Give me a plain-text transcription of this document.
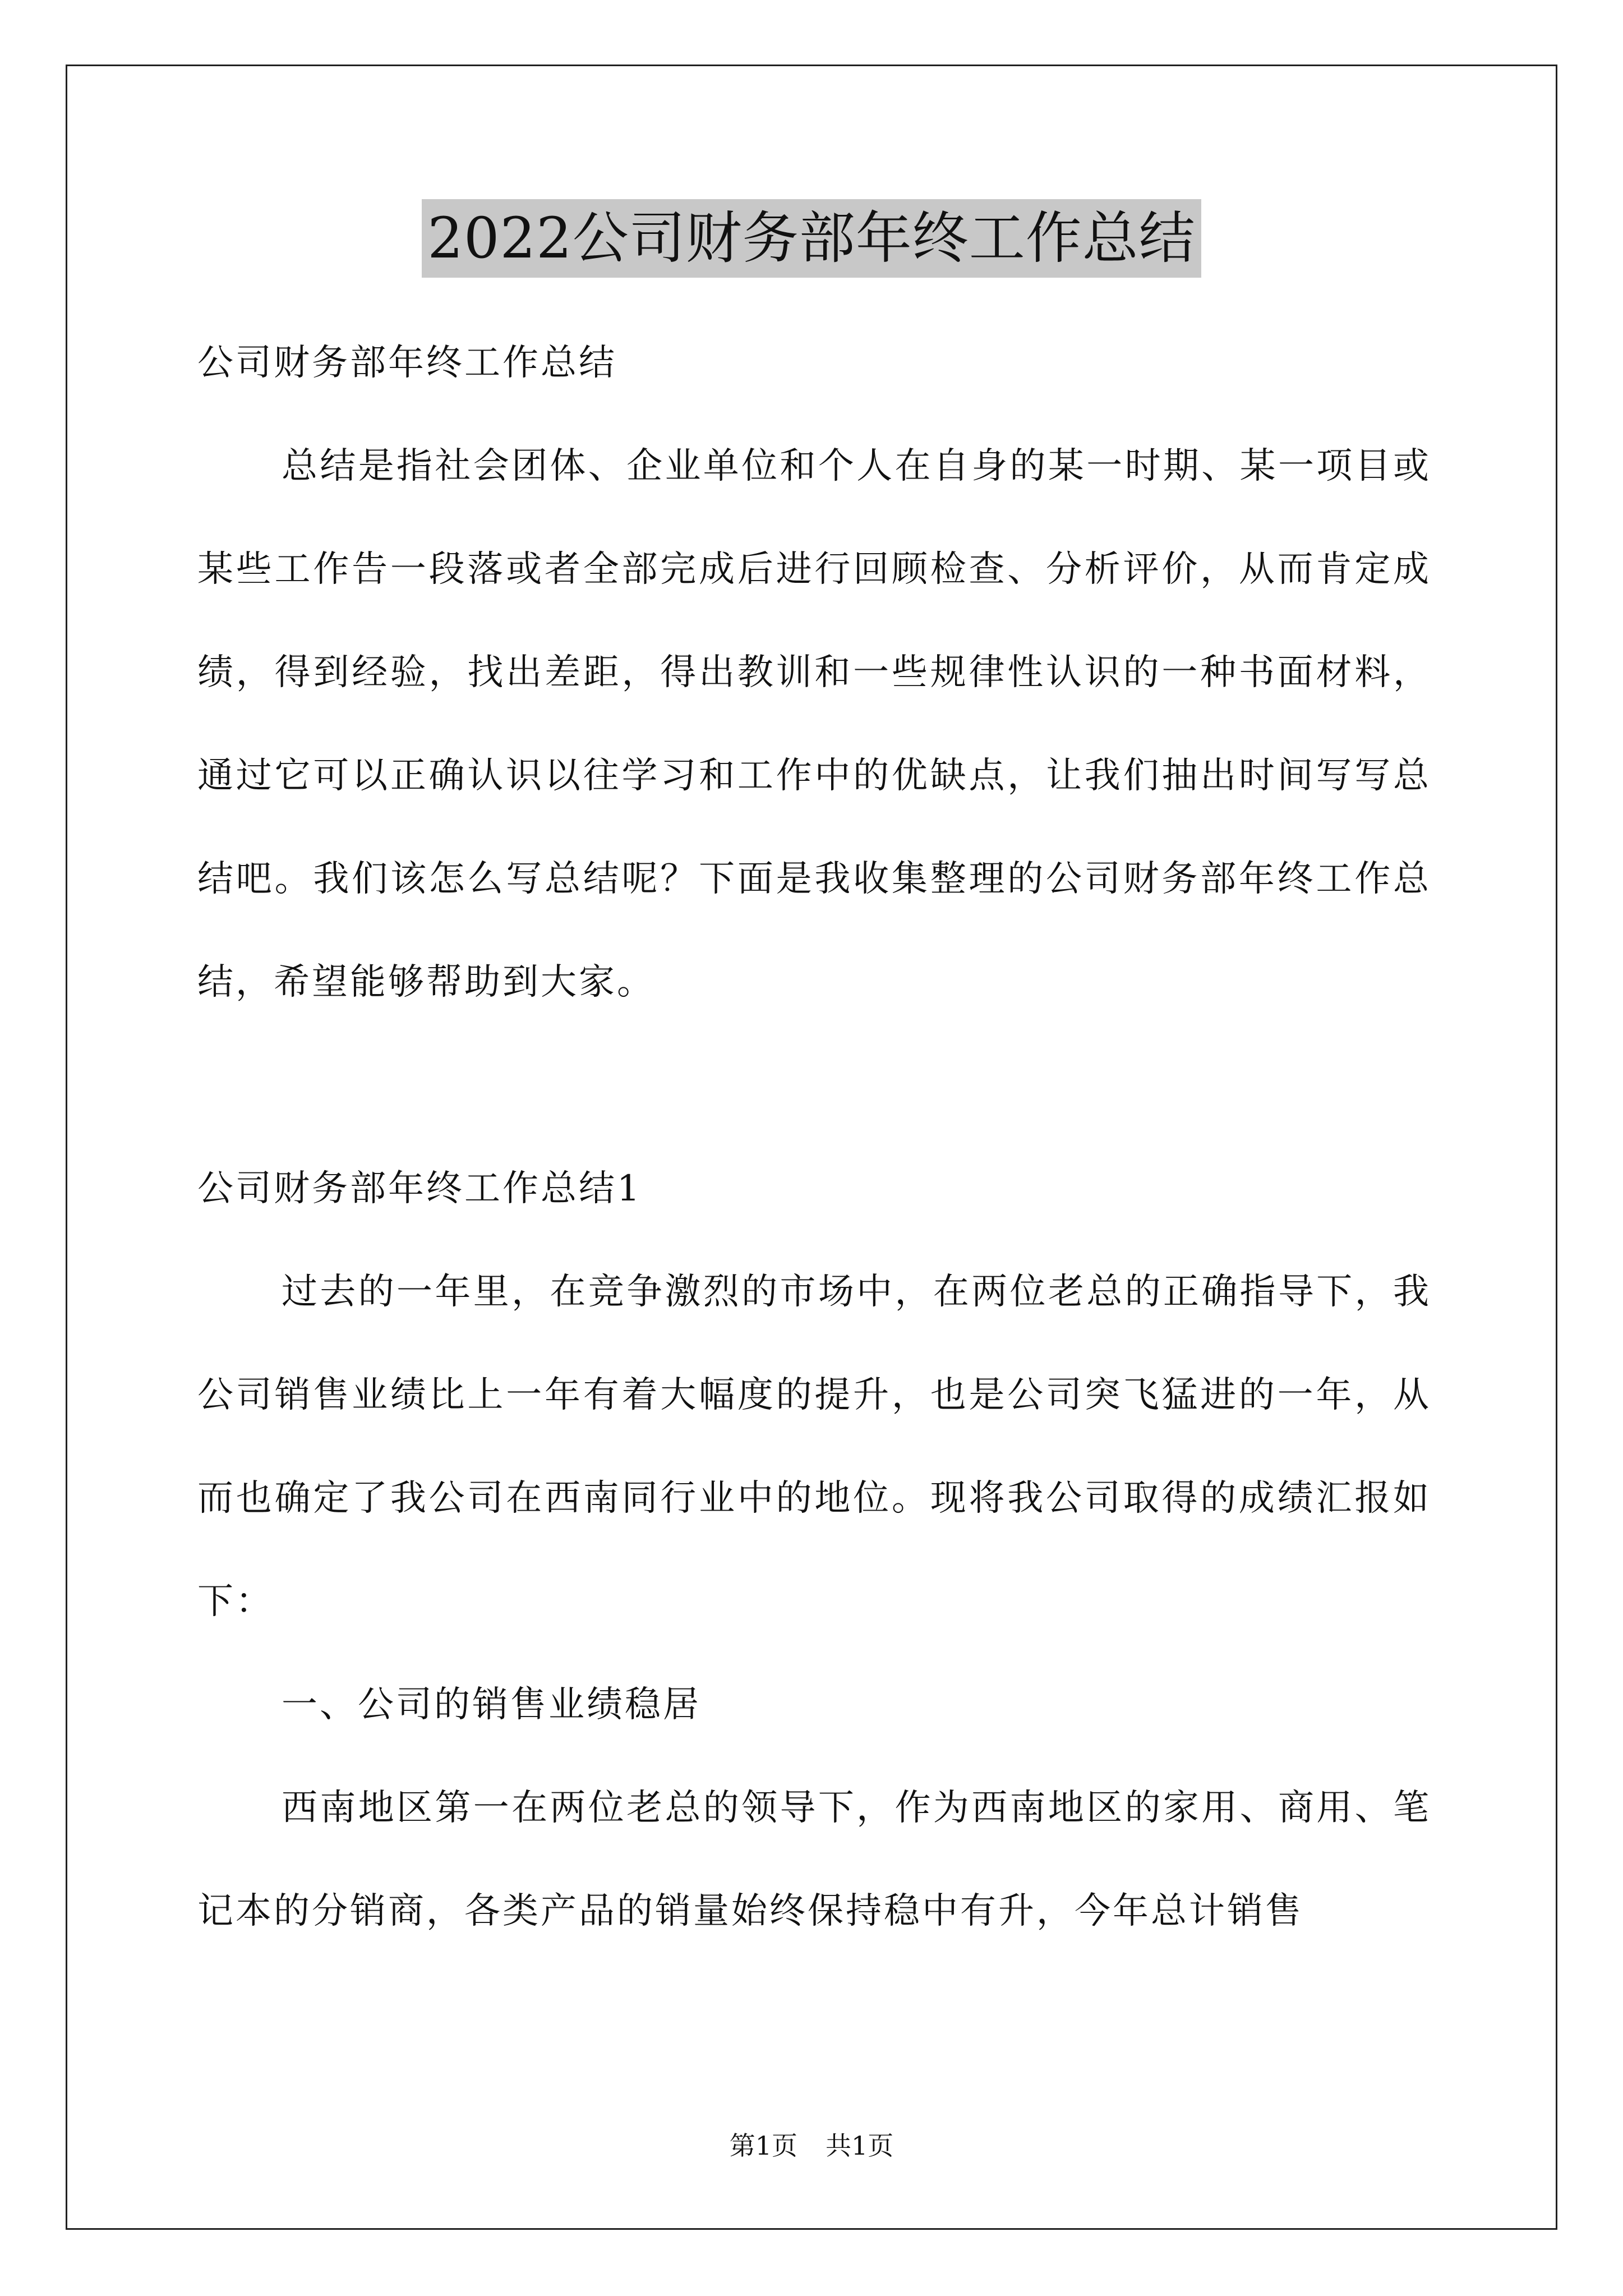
2022公司财务部年终工作总结

公司财务部年终工作总结

总结是指社会团体、企业单位和个人在自身的某一时期、某一项目或某些工作告一段落或者全部完成后进行回顾检查、分析评价，从而肯定成绩，得到经验，找出差距，得出教训和一些规律性认识的一种书面材料，通过它可以正确认识以往学习和工作中的优缺点，让我们抽出时间写写总结吧。我们该怎么写总结呢？下面是我收集整理的公司财务部年终工作总结，希望能够帮助到大家。

公司财务部年终工作总结1

过去的一年里，在竞争激烈的市场中，在两位老总的正确指导下，我公司销售业绩比上一年有着大幅度的提升，也是公司突飞猛进的一年，从而也确定了我公司在西南同行业中的地位。现将我公司取得的成绩汇报如下：

一、公司的销售业绩稳居

西南地区第一在两位老总的领导下，作为西南地区的家用、商用、笔记本的分销商，各类产品的销量始终保持稳中有升，今年总计销售

第1页 共1页
